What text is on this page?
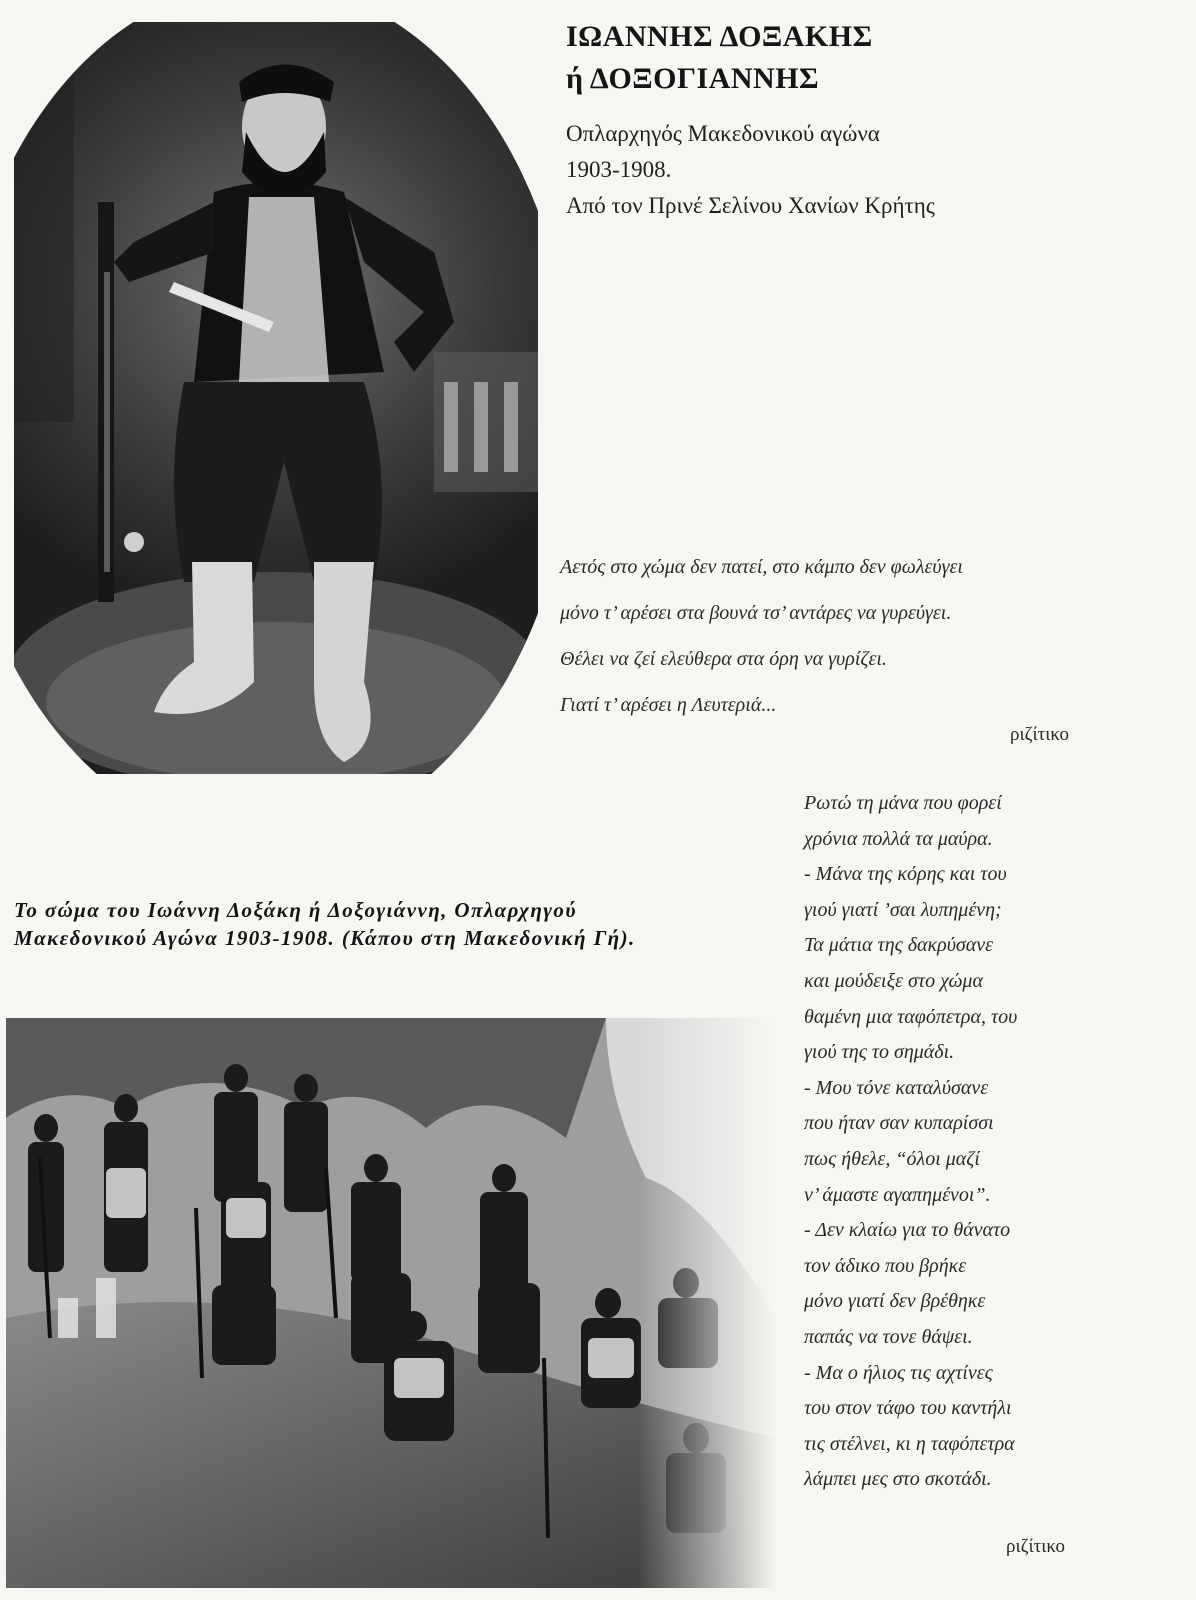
ΙΩΑΝΝΗΣ ΔΟΞΑΚΗΣ
ή ΔΟΞΟΓΙΑΝΝΗΣ
Οπλαρχηγός Μακεδονικού αγώνα
1903-1908.
Από τον Πρινέ Σελίνου Χανίων Κρήτης
Αετός στο χώμα δεν πατεί, στο κάμπο δεν φωλεύγει
μόνο τ’ αρέσει στα βουνά τσ’ αντάρες να γυρεύγει.
Θέλει να ζεί ελεύθερα στα όρη να γυρίζει.
Γιατί τ’ αρέσει η Λευτεριά...
ριζίτικο
Το σώμα του Ιωάννη Δοξάκη ή Δοξογιάννη, Οπλαρχηγού
Μακεδονικού Αγώνα 1903-1908. (Κάπου στη Μακεδονική Γή).
Ρωτώ τη μάνα που φορεί
χρόνια πολλά τα μαύρα.
- Μάνα της κόρης και του
γιού γιατί ’σαι λυπημένη;
Τα μάτια της δακρύσανε
και μούδειξε στο χώμα
θαμένη μια ταφόπετρα, του
γιού της το σημάδι.
- Μου τόνε καταλύσανε
που ήταν σαν κυπαρίσσι
πως ήθελε, “όλοι μαζί
ν’ άμαστε αγαπημένοι”.
- Δεν κλαίω για το θάνατο
τον άδικο που βρήκε
μόνο γιατί δεν βρέθηκε
παπάς να τονε θάψει.
- Μα ο ήλιος τις αχτίνες
του στον τάφο του καντήλι
τις στέλνει, κι η ταφόπετρα
λάμπει μες στο σκοτάδι.
ριζίτικο
